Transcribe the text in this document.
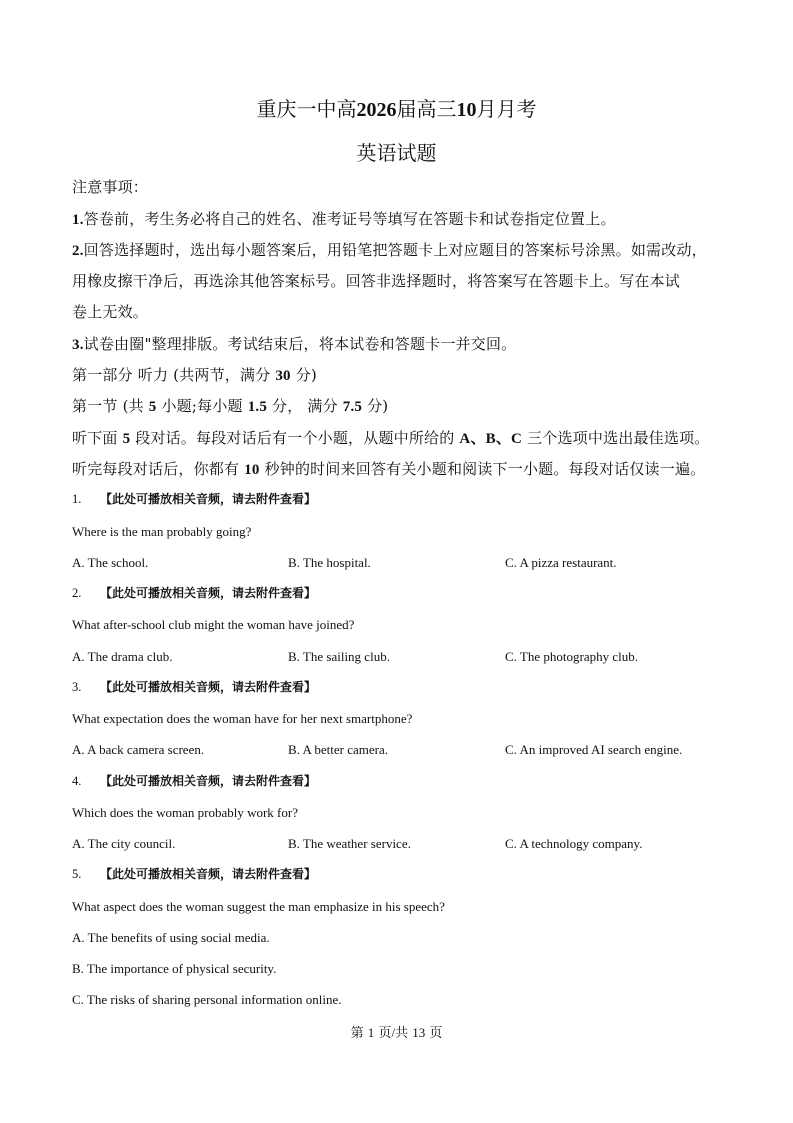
重庆一中高2026届高三10月月考
英语试题
注意事项：
1.答卷前，考生务必将自己的姓名、准考证号等填写在答题卡和试卷指定位置上。
2.回答选择题时，选出每小题答案后，用铅笔把答题卡上对应题目的答案标号涂黑。如需改动，
用橡皮擦干净后，再选涂其他答案标号。回答非选择题时，将答案写在答题卡上。写在本试
卷上无效。
3.试卷由圈"整理排版。考试结束后，将本试卷和答题卡一并交回。
第一部分 听力 (共两节，满分 30 分)
第一节 (共 5 小题;每小题 1.5 分， 满分 7.5 分)
听下面 5 段对话。每段对话后有一个小题，从题中所给的 A、B、C 三个选项中选出最佳选项。
听完每段对话后，你都有 10 秒钟的时间来回答有关小题和阅读下一小题。每段对话仅读一遍。
1. 【此处可播放相关音频，请去附件查看】
Where is the man probably going?
A. The school.	B. The hospital.	C. A pizza restaurant.
2. 【此处可播放相关音频，请去附件查看】
What after-school club might the woman have joined?
A. The drama club.	B. The sailing club.	C. The photography club.
3. 【此处可播放相关音频，请去附件查看】
What expectation does the woman have for her next smartphone?
A. A back camera screen.	B. A better camera.	C. An improved AI search engine.
4. 【此处可播放相关音频，请去附件查看】
Which does the woman probably work for?
A. The city council.	B. The weather service.	C. A technology company.
5. 【此处可播放相关音频，请去附件查看】
What aspect does the woman suggest the man emphasize in his speech?
A. The benefits of using social media.
B. The importance of physical security.
C. The risks of sharing personal information online.
第 1 页/共 13 页
